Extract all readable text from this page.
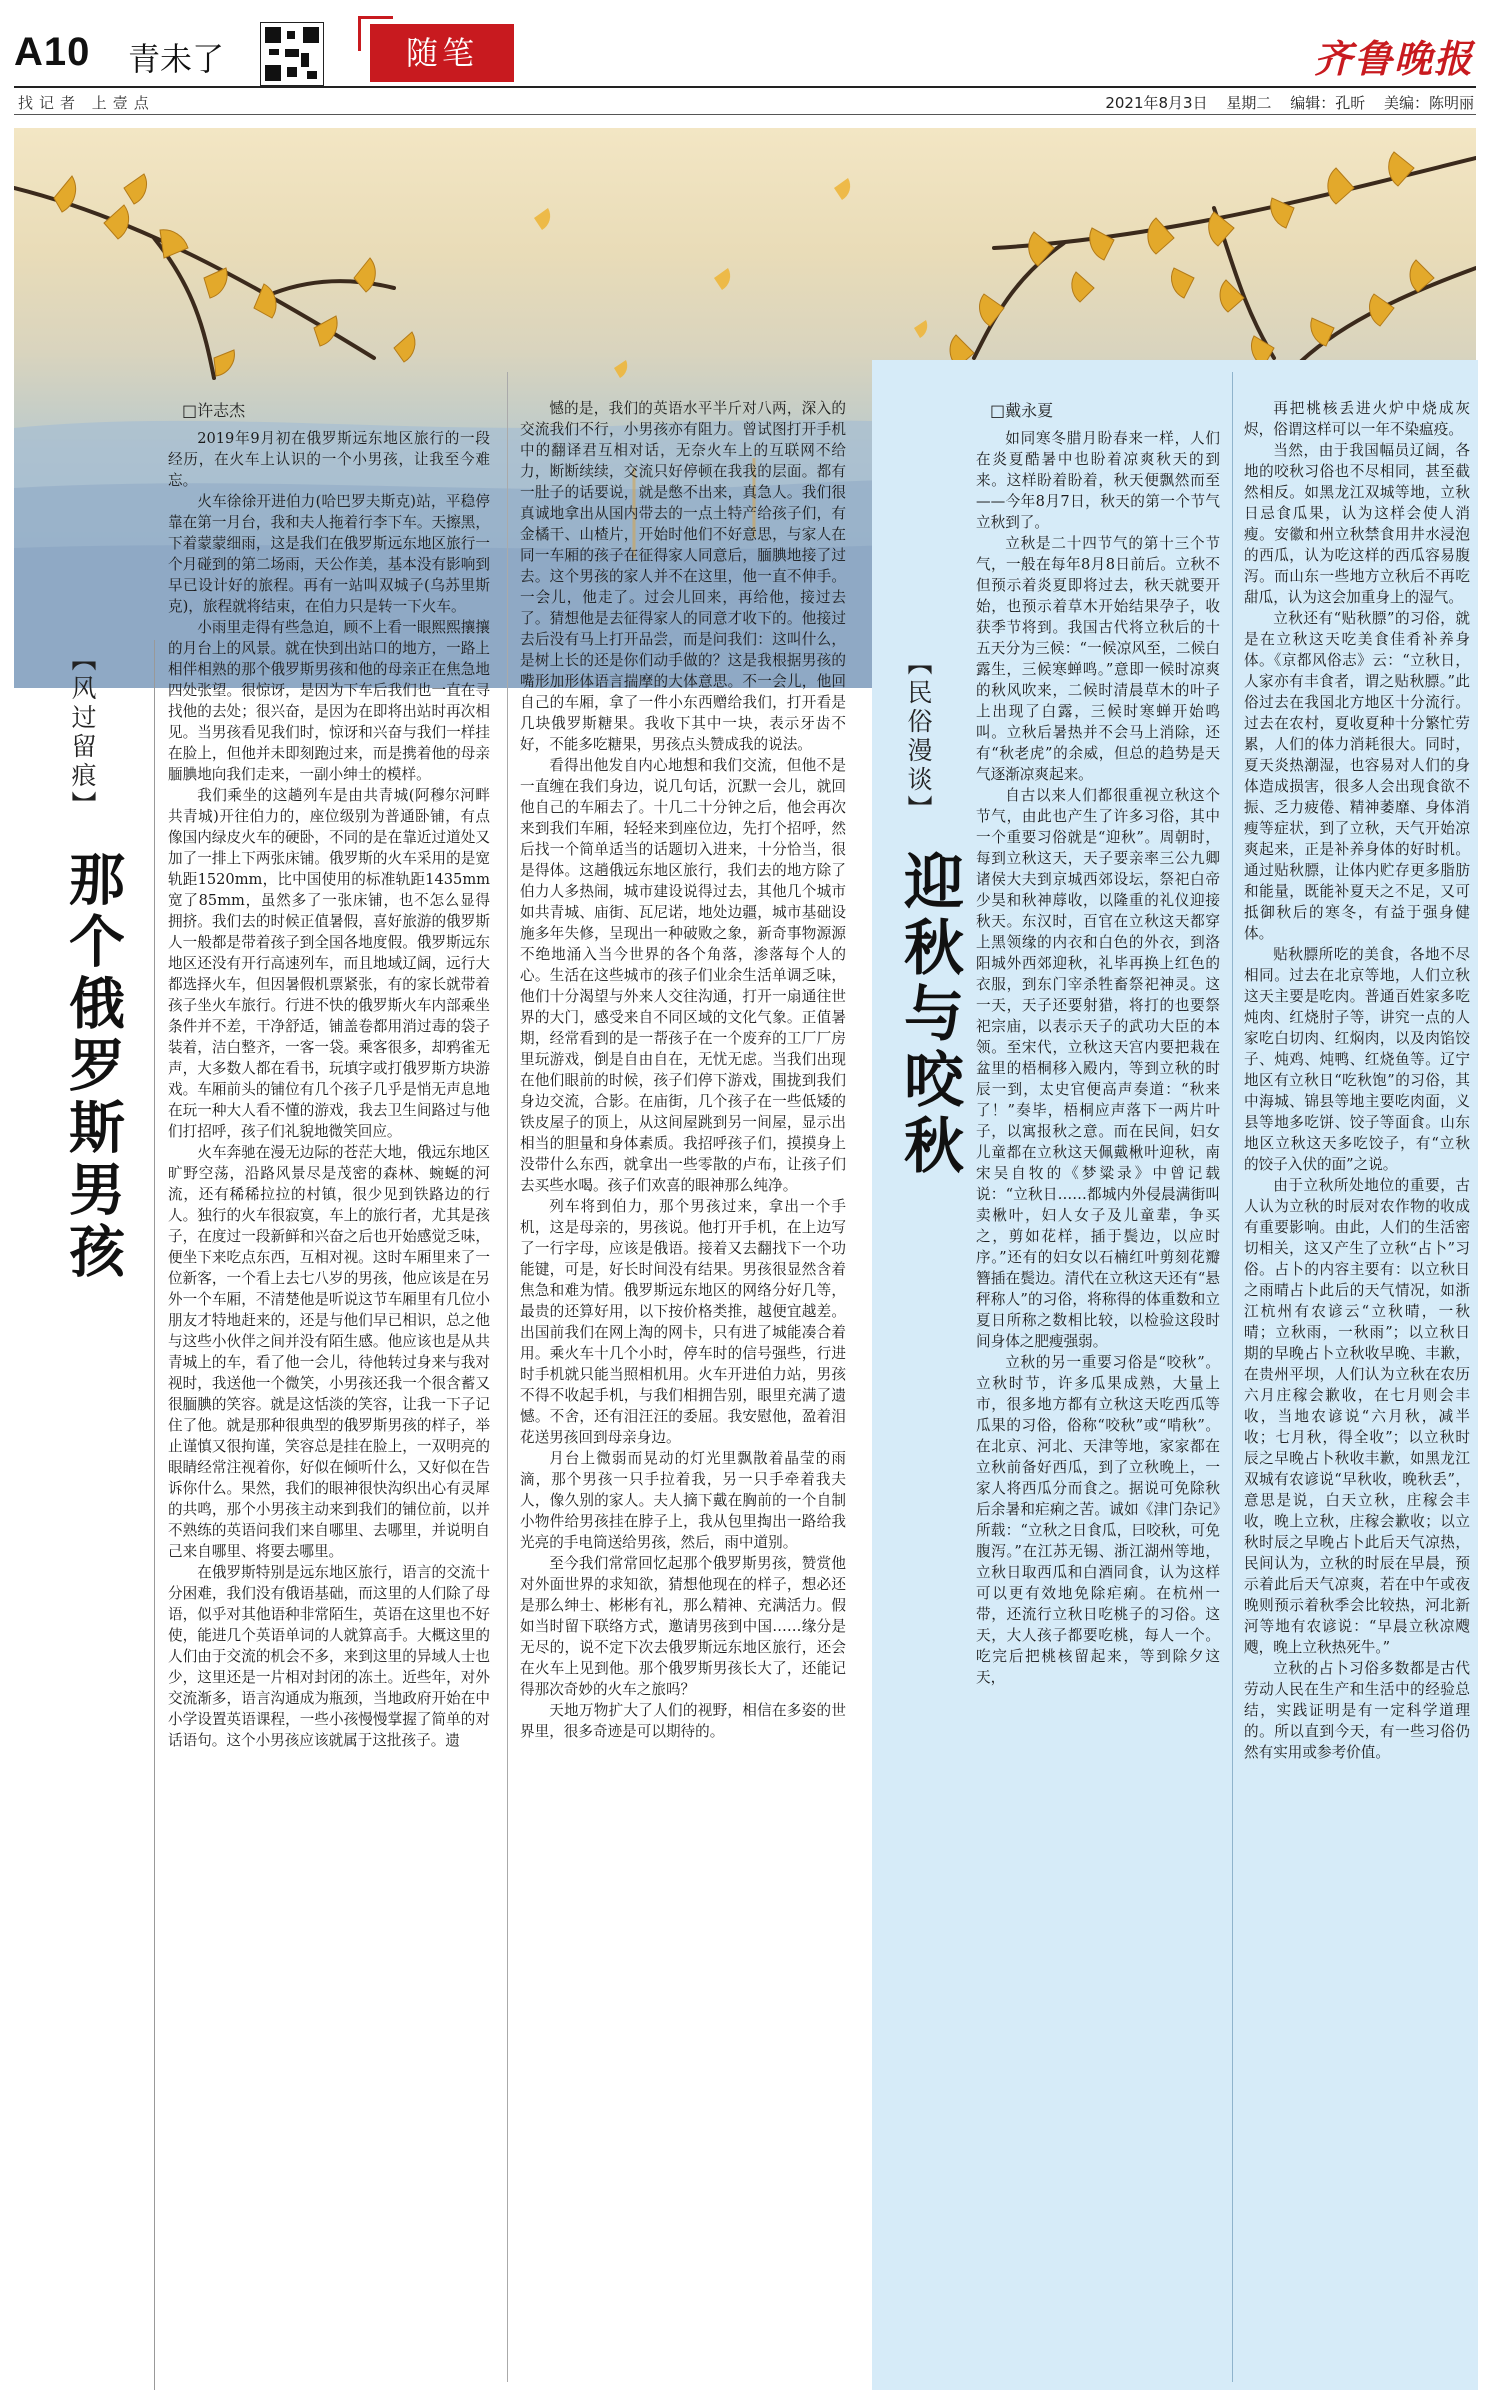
A10 青未了	随笔	齐鲁晚报
找记者 上壹点	2021年8月3日 星期二 编辑：孔昕 美编：陈明丽
【风过留痕】
那个俄罗斯男孩
□许志杰

2019年9月初在俄罗斯远东地区旅行的一段经历，在火车上认识的一个小男孩，让我至今难忘。

火车徐徐开进伯力(哈巴罗夫斯克)站，平稳停靠在第一月台，我和夫人拖着行李下车。天擦黑，下着蒙蒙细雨，这是我们在俄罗斯远东地区旅行一个月碰到的第二场雨，天公作美，基本没有影响到早已设计好的旅程。再有一站叫双城子(乌苏里斯克)，旅程就将结束，在伯力只是转一下火车。

小雨里走得有些急迫，顾不上看一眼熙熙攘攘的月台上的风景。就在快到出站口的地方，一路上相伴相熟的那个俄罗斯男孩和他的母亲正在焦急地四处张望。很惊讶，是因为下车后我们也一直在寻找他的去处；很兴奋，是因为在即将出站时再次相见。当男孩看见我们时，惊讶和兴奋与我们一样挂在脸上，但他并未即刻跑过来，而是携着他的母亲腼腆地向我们走来，一副小绅士的模样。

我们乘坐的这趟列车是由共青城(阿穆尔河畔共青城)开往伯力的，座位级别为普通卧铺，有点像国内绿皮火车的硬卧，不同的是在靠近过道处又加了一排上下两张床铺。俄罗斯的火车采用的是宽轨距1520mm，比中国使用的标准轨距1435mm宽了85mm，虽然多了一张床铺，也不怎么显得拥挤。我们去的时候正值暑假，喜好旅游的俄罗斯人一般都是带着孩子到全国各地度假。俄罗斯远东地区还没有开行高速列车，而且地域辽阔，远行大都选择火车，但因暑假机票紧张，有的家长就带着孩子坐火车旅行。行进不快的俄罗斯火车内部乘坐条件并不差，干净舒适，铺盖卷都用消过毒的袋子装着，洁白整齐，一客一袋。乘客很多，却鸦雀无声，大多数人都在看书，玩填字或打俄罗斯方块游戏。车厢前头的铺位有几个孩子几乎是悄无声息地在玩一种大人看不懂的游戏，我去卫生间路过与他们打招呼，孩子们礼貌地微笑回应。

火车奔驰在漫无边际的苍茫大地，俄远东地区旷野空荡，沿路风景尽是茂密的森林、蜿蜒的河流，还有稀稀拉拉的村镇，很少见到铁路边的行人。独行的火车很寂寞，车上的旅行者，尤其是孩子，在度过一段新鲜和兴奋之后也开始感觉乏味，便坐下来吃点东西，互相对视。这时车厢里来了一位新客，一个看上去七八岁的男孩，他应该是在另外一个车厢，不清楚他是听说这节车厢里有几位小朋友才特地赶来的，还是与他们早已相识，总之他与这些小伙伴之间并没有陌生感。他应该也是从共青城上的车，看了他一会儿，待他转过身来与我对视时，我送他一个微笑，小男孩还我一个很含蓄又很腼腆的笑容。就是这恬淡的笑容，让我一下子记住了他。就是那种很典型的俄罗斯男孩的样子，举止谨慎又很拘谨，笑容总是挂在脸上，一双明亮的眼睛经常注视着你，好似在倾听什么，又好似在告诉你什么。果然，我们的眼神很快沟织出心有灵犀的共鸣，那个小男孩主动来到我们的铺位前，以并不熟练的英语问我们来自哪里、去哪里，并说明自己来自哪里、将要去哪里。

在俄罗斯特别是远东地区旅行，语言的交流十分困难，我们没有俄语基础，而这里的人们除了母语，似乎对其他语种非常陌生，英语在这里也不好使，能进几个英语单词的人就算高手。大概这里的人们由于交流的机会不多，来到这里的异域人士也少，这里还是一片相对封闭的冻土。近些年，对外交流渐多，语言沟通成为瓶颈，当地政府开始在中小学设置英语课程，一些小孩慢慢掌握了简单的对话语句。这个小男孩应该就属于这批孩子。遗

憾的是，我们的英语水平半斤对八两，深入的交流我们不行，小男孩亦有阻力。曾试图打开手机中的翻译君互相对话，无奈火车上的互联网不给力，断断续续，交流只好停顿在我我的层面。都有一肚子的话要说，就是憋不出来，真急人。我们很真诚地拿出从国内带去的一点土特产给孩子们，有金橘干、山楂片，开始时他们不好意思，与家人在同一车厢的孩子在征得家人同意后，腼腆地接了过去。这个男孩的家人并不在这里，他一直不伸手。一会儿，他走了。过会儿回来，再给他，接过去了。猜想他是去征得家人的同意才收下的。他接过去后没有马上打开品尝，而是问我们：这叫什么，是树上长的还是你们动手做的？这是我根据男孩的嘴形加形体语言揣摩的大体意思。不一会儿，他回自己的车厢，拿了一件小东西赠给我们，打开看是几块俄罗斯糖果。我收下其中一块，表示牙齿不好，不能多吃糖果，男孩点头赞成我的说法。

看得出他发自内心地想和我们交流，但他不是一直缠在我们身边，说几句话，沉默一会儿，就回他自己的车厢去了。十几二十分钟之后，他会再次来到我们车厢，轻轻来到座位边，先打个招呼，然后找一个简单适当的话题切入进来，十分恰当，很是得体。这趟俄远东地区旅行，我们去的地方除了伯力人多热闹，城市建设说得过去，其他几个城市如共青城、庙街、瓦尼诺，地处边疆，城市基础设施多年失修，呈现出一种破败之象，新奇事物源源不绝地涌入当今世界的各个角落，渗落每个人的心。生活在这些城市的孩子们业余生活单调乏味，他们十分渴望与外来人交往沟通，打开一扇通往世界的大门，感受来自不同区域的文化气象。正值暑期，经常看到的是一帮孩子在一个废弃的工厂厂房里玩游戏，倒是自由自在，无忧无虑。当我们出现在他们眼前的时候，孩子们停下游戏，围拢到我们身边交流，合影。在庙街，几个孩子在一些低矮的铁皮屋子的顶上，从这间屋跳到另一间屋，显示出相当的胆量和身体素质。我招呼孩子们，摸摸身上没带什么东西，就拿出一些零散的卢布，让孩子们去买些水喝。孩子们欢喜的眼神那么纯净。

列车将到伯力，那个男孩过来，拿出一个手机，这是母亲的，男孩说。他打开手机，在上边写了一行字母，应该是俄语。接着又去翻找下一个功能键，可是，好长时间没有结果。男孩很显然含着焦急和难为情。俄罗斯远东地区的网络分好几等，最贵的还算好用，以下按价格类推，越便宜越差。出国前我们在网上淘的网卡，只有进了城能凑合着用。乘火车十几个小时，停车时的信号强些，行进时手机就只能当照相机用。火车开进伯力站，男孩不得不收起手机，与我们相拥告别，眼里充满了遗憾。不舍，还有泪汪汪的委屈。我安慰他，盈着泪花送男孩回到母亲身边。

月台上微弱而晃动的灯光里飘散着晶莹的雨滴，那个男孩一只手拉着我，另一只手牵着我夫人，像久别的家人。夫人摘下戴在胸前的一个自制小物件给男孩挂在脖子上，我从包里掏出一路给我光亮的手电筒送给男孩，然后，雨中道别。

至今我们常常回忆起那个俄罗斯男孩，赞赏他对外面世界的求知欲，猜想他现在的样子，想必还是那么绅士、彬彬有礼，那么精神、充满活力。假如当时留下联络方式，邀请男孩到中国……缘分是无尽的，说不定下次去俄罗斯远东地区旅行，还会在火车上见到他。那个俄罗斯男孩长大了，还能记得那次奇妙的火车之旅吗？

天地万物扩大了人们的视野，相信在多姿的世界里，很多奇迹是可以期待的。

【民俗漫谈】
迎秋与咬秋
□戴永夏

如同寒冬腊月盼春来一样，人们在炎夏酷暑中也盼着凉爽秋天的到来。这样盼着盼着，秋天便飘然而至——今年8月7日，秋天的第一个节气立秋到了。

立秋是二十四节气的第十三个节气，一般在每年8月8日前后。立秋不但预示着炎夏即将过去，秋天就要开始，也预示着草木开始结果孕子，收获季节将到。我国古代将立秋后的十五天分为三候：“一候凉风至，二候白露生，三候寒蝉鸣。”意即一候时凉爽的秋风吹来，二候时清晨草木的叶子上出现了白露，三候时寒蝉开始鸣叫。立秋后暑热并不会马上消除，还有“秋老虎”的余威，但总的趋势是天气逐渐凉爽起来。

自古以来人们都很重视立秋这个节气，由此也产生了许多习俗，其中一个重要习俗就是“迎秋”。周朝时，每到立秋这天，天子要亲率三公九卿诸侯大夫到京城西郊设坛，祭祀白帝少昊和秋神蓐收，以隆重的礼仪迎接秋天。东汉时，百官在立秋这天都穿上黑领缘的内衣和白色的外衣，到洛阳城外西郊迎秋，礼毕再换上红色的衣服，到东门宰杀牲畜祭祀神灵。这一天，天子还要射猎，将打的也要祭祀宗庙，以表示天子的武功大臣的本领。至宋代，立秋这天宫内要把栽在盆里的梧桐移入殿内，等到立秋的时辰一到，太史官便高声奏道：“秋来了！”奏毕，梧桐应声落下一两片叶子，以寓报秋之意。而在民间，妇女儿童都在立秋这天佩戴楸叶迎秋，南宋吴自牧的《梦粱录》中曾记载说：“立秋日……都城内外侵晨满街叫卖楸叶，妇人女子及儿童辈，争买之，剪如花样，插于鬓边，以应时序。”还有的妇女以石楠红叶剪刻花瓣簪插在鬓边。清代在立秋这天还有“悬秤称人”的习俗，将称得的体重数和立夏日所称之数相比较，以检验这段时间身体之肥瘦强弱。

立秋的另一重要习俗是“咬秋”。立秋时节，许多瓜果成熟，大量上市，很多地方都有立秋这天吃西瓜等瓜果的习俗，俗称“咬秋”或“啃秋”。在北京、河北、天津等地，家家都在立秋前备好西瓜，到了立秋晚上，一家人将西瓜分而食之。据说可免除秋后余暑和疟痢之苦。诚如《津门杂记》所载：“立秋之日食瓜，曰咬秋，可免腹泻。”在江苏无锡、浙江湖州等地，立秋日取西瓜和白酒同食，认为这样可以更有效地免除疟痢。在杭州一带，还流行立秋日吃桃子的习俗。这天，大人孩子都要吃桃，每人一个。吃完后把桃核留起来，等到除夕这天，

再把桃核丢进火炉中烧成灰烬，俗谓这样可以一年不染瘟疫。

当然，由于我国幅员辽阔，各地的咬秋习俗也不尽相同，甚至截然相反。如黑龙江双城等地，立秋日忌食瓜果，认为这样会使人消瘦。安徽和州立秋禁食用井水浸泡的西瓜，认为吃这样的西瓜容易腹泻。而山东一些地方立秋后不再吃甜瓜，认为这会加重身上的湿气。

立秋还有“贴秋膘”的习俗，就是在立秋这天吃美食佳肴补养身体。《京都风俗志》云：“立秋日，人家亦有丰食者，谓之贴秋膘。”此俗过去在我国北方地区十分流行。过去在农村，夏收夏种十分繁忙劳累，人们的体力消耗很大。同时，夏天炎热潮湿，也容易对人们的身体造成损害，很多人会出现食欲不振、乏力疲倦、精神萎靡、身体消瘦等症状，到了立秋，天气开始凉爽起来，正是补养身体的好时机。通过贴秋膘，让体内贮存更多脂肪和能量，既能补夏天之不足，又可抵御秋后的寒冬，有益于强身健体。

贴秋膘所吃的美食，各地不尽相同。过去在北京等地，人们立秋这天主要是吃肉。普通百姓家多吃炖肉、红烧肘子等，讲究一点的人家吃白切肉、红焖肉，以及肉馅饺子、炖鸡、炖鸭、红烧鱼等。辽宁地区有立秋日“吃秋饱”的习俗，其中海城、锦县等地主要吃肉面，义县等地多吃饼、饺子等面食。山东地区立秋这天多吃饺子，有“立秋的饺子入伏的面”之说。

由于立秋所处地位的重要，古人认为立秋的时辰对农作物的收成有重要影响。由此，人们的生活密切相关，这又产生了立秋“占卜”习俗。占卜的内容主要有：以立秋日之雨晴占卜此后的天气情况，如浙江杭州有农谚云“立秋晴，一秋晴；立秋雨，一秋雨”；以立秋日期的早晚占卜立秋收早晚、丰歉，在贵州平坝，人们认为立秋在农历六月庄稼会歉收，在七月则会丰收，当地农谚说“六月秋，减半收；七月秋，得全收”；以立秋时辰之早晚占卜秋收丰歉，如黑龙江双城有农谚说“早秋收，晚秋丢”，意思是说，白天立秋，庄稼会丰收，晚上立秋，庄稼会歉收；以立秋时辰之早晚占卜此后天气凉热，民间认为，立秋的时辰在早晨，预示着此后天气凉爽，若在中午或夜晚则预示着秋季会比较热，河北新河等地有农谚说：“早晨立秋凉飕飕，晚上立秋热死牛。”

立秋的占卜习俗多数都是古代劳动人民在生产和生活中的经验总结，实践证明是有一定科学道理的。所以直到今天，有一些习俗仍然有实用或参考价值。
